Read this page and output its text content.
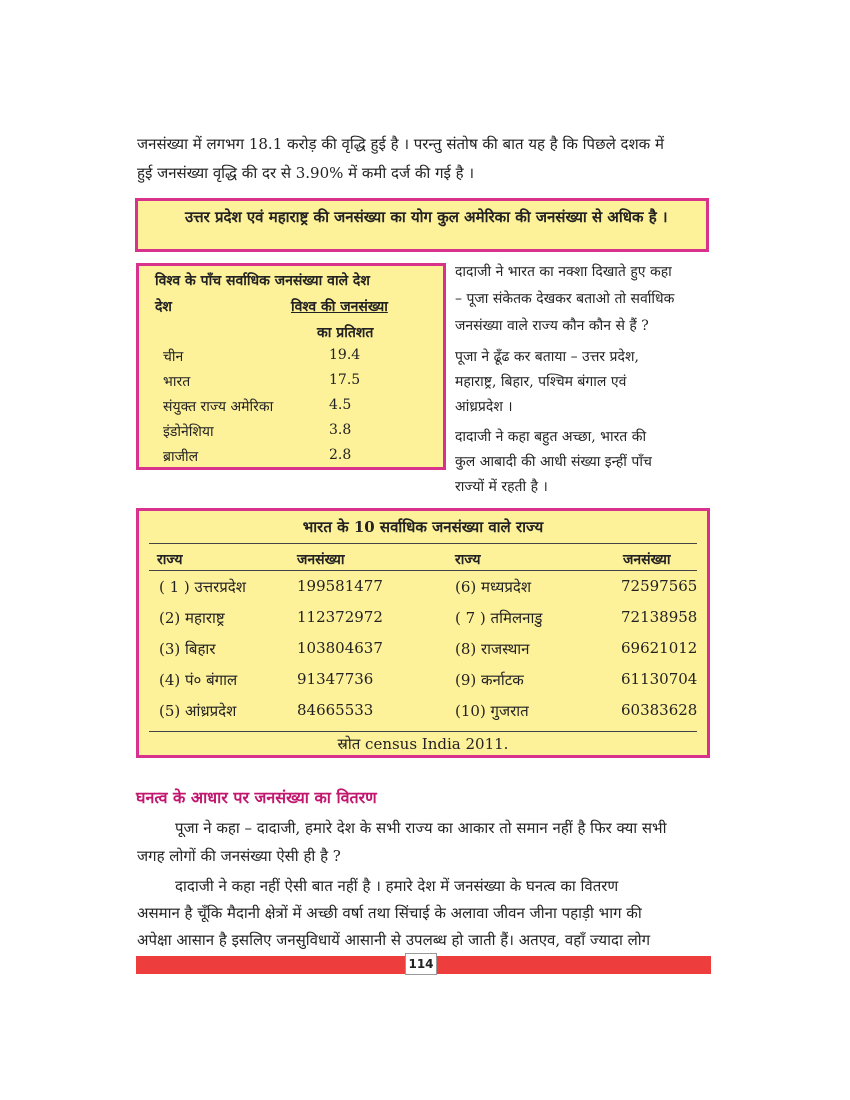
जनसंख्या में लगभग 18.1 करोड़ की वृद्धि हुई है । परन्तु संतोष की बात यह है कि पिछले दशक में
हुई जनसंख्या वृद्धि की दर से 3.90% में कमी दर्ज की गई है ।
उत्तर प्रदेश एवं महाराष्ट्र की जनसंख्या का योग कुल अमेरिका की जनसंख्या से अधिक है ।
विश्व के पाँच सर्वाधिक जनसंख्या वाले देश
देश	विश्व की जनसंख्या
का प्रतिशत
चीन	19.4
भारत	17.5
संयुक्त राज्य अमेरिका	4.5
इंडोनेशिया	3.8
ब्राजील	2.8
दादाजी ने भारत का नक्शा दिखाते हुए कहा
– पूजा संकेतक देखकर बताओ तो सर्वाधिक
जनसंख्या वाले राज्य कौन कौन से हैं ?
पूजा ने ढूँढ कर बताया – उत्तर प्रदेश,
महाराष्ट्र, बिहार, पश्चिम बंगाल एवं
आंध्रप्रदेश ।
दादाजी ने कहा बहुत अच्छा, भारत की
कुल आबादी की आधी संख्या इन्हीं पाँच
राज्यों में रहती है ।
भारत के 10 सर्वाधिक जनसंख्या वाले राज्य
राज्य	जनसंख्या	राज्य	जनसंख्या
( 1 ) उत्तरप्रदेश	199581477	(6) मध्यप्रदेश	72597565
(2) महाराष्ट्र	112372972	( 7 ) तमिलनाडु	72138958
(3) बिहार	103804637	(8) राजस्थान	69621012
(4) पं० बंगाल	91347736	(9) कर्नाटक	61130704
(5) आंध्रप्रदेश	84665533	(10) गुजरात	60383628
स्रोत census India 2011.
घनत्व के आधार पर जनसंख्या का वितरण
पूजा ने कहा – दादाजी, हमारे देश के सभी राज्य का आकार तो समान नहीं है फिर क्या सभी
जगह लोगों की जनसंख्या ऐसी ही है ?
दादाजी ने कहा नहीं ऐसी बात नहीं है । हमारे देश में जनसंख्या के घनत्व का वितरण
असमान है चूँकि मैदानी क्षेत्रों में अच्छी वर्षा तथा सिंचाई के अलावा जीवन जीना पहाड़ी भाग की
अपेक्षा आसान है इसलिए जनसुविधायें आसानी से उपलब्ध हो जाती हैं। अतएव, वहाँ ज्यादा लोग
114
